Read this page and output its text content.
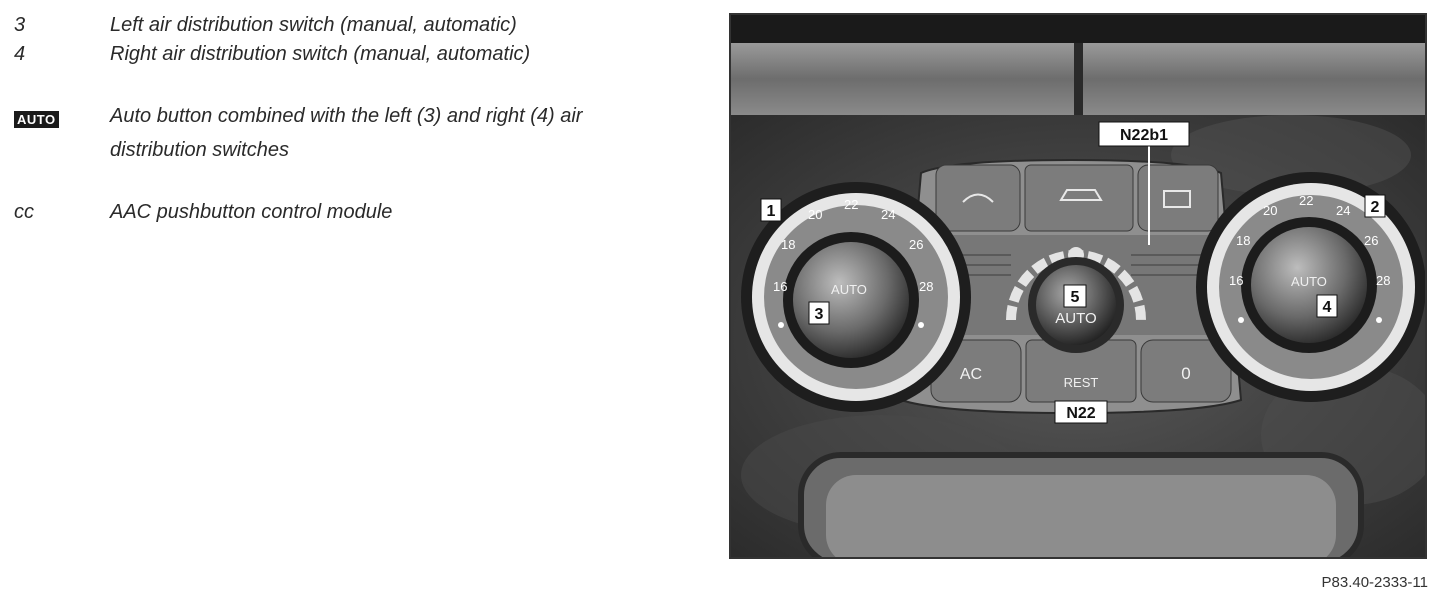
3	Left air distribution switch (manual, automatic)
4	Right air distribution switch (manual, automatic)
AUTO	Auto button combined with the left (3) and right (4) air
distribution switches
cc	AAC pushbutton control module
AC	REST	0
AUTO
AUTO
16
18
20
22
24
26
28	AUTO
16
18
20
22
24
26
28
1	2
3	4
5
N22b1
N22
P83.40-2333-11
